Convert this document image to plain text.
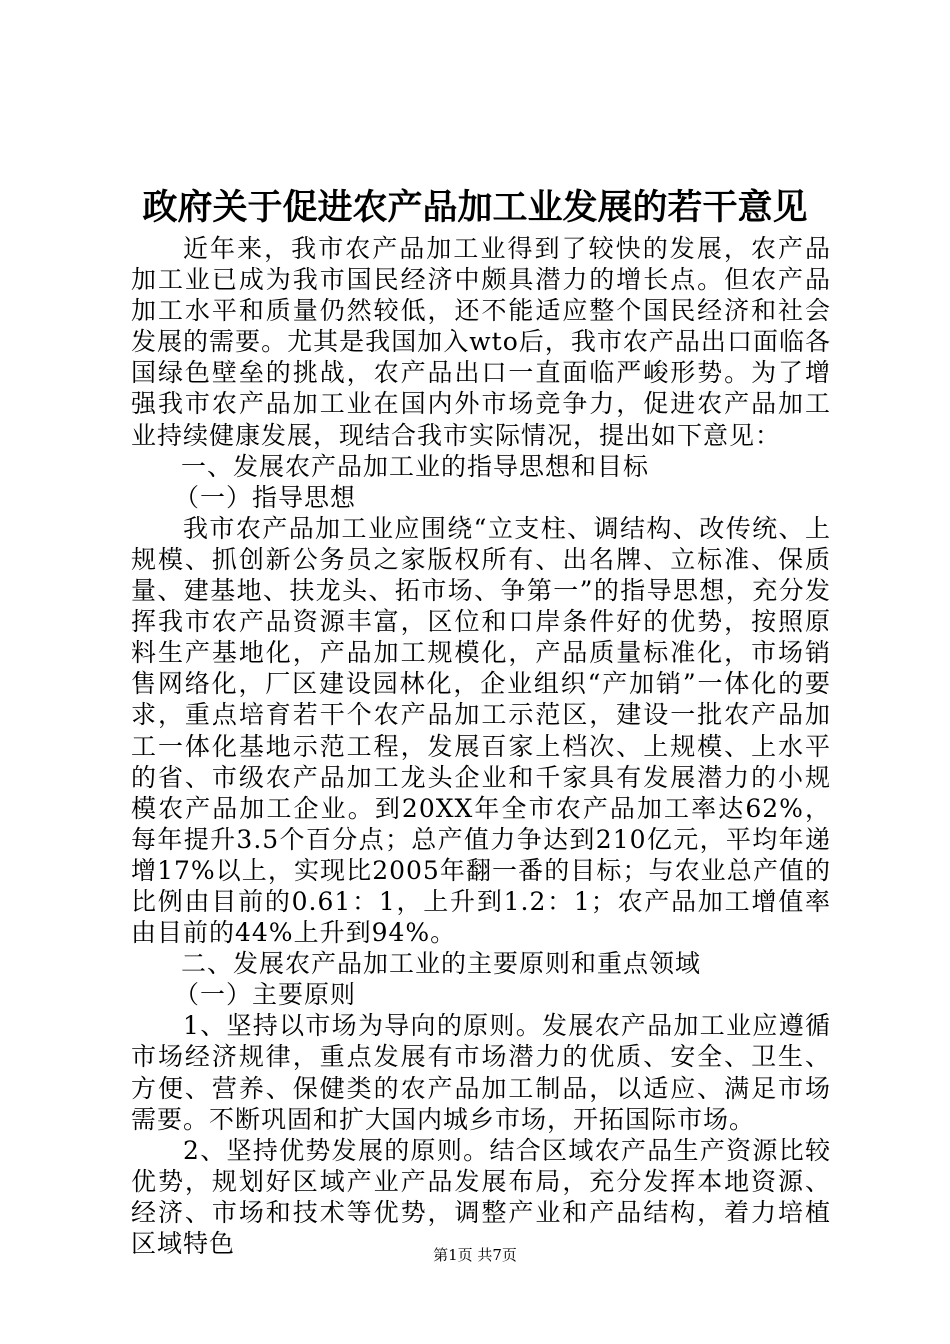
政府关于促进农产品加工业发展的若干意见

近年来，我市农产品加工业得到了较快的发展，农产品加工业已成为我市国民经济中颇具潜力的增长点。但农产品加工水平和质量仍然较低，还不能适应整个国民经济和社会发展的需要。尤其是我国加入wto后，我市农产品出口面临各国绿色壁垒的挑战，农产品出口一直面临严峻形势。为了增强我市农产品加工业在国内外市场竞争力，促进农产品加工业持续健康发展，现结合我市实际情况，提出如下意见：

一、发展农产品加工业的指导思想和目标

（一）指导思想

我市农产品加工业应围绕“立支柱、调结构、改传统、上规模、抓创新公务员之家版权所有、出名牌、立标准、保质量、建基地、扶龙头、拓市场、争第一”的指导思想，充分发挥我市农产品资源丰富，区位和口岸条件好的优势，按照原料生产基地化，产品加工规模化，产品质量标准化，市场销售网络化，厂区建设园林化，企业组织“产加销”一体化的要求，重点培育若干个农产品加工示范区，建设一批农产品加工一体化基地示范工程，发展百家上档次、上规模、上水平的省、市级农产品加工龙头企业和千家具有发展潜力的小规模农产品加工企业。到20XX年全市农产品加工率达62%，每年提升3.5个百分点；总产值力争达到210亿元，平均年递增17%以上，实现比2005年翻一番的目标；与农业总产值的比例由目前的0.61：1，上升到1.2：1；农产品加工增值率由目前的44%上升到94%。

二、发展农产品加工业的主要原则和重点领域

（一）主要原则

1、坚持以市场为导向的原则。发展农产品加工业应遵循市场经济规律，重点发展有市场潜力的优质、安全、卫生、方便、营养、保健类的农产品加工制品，以适应、满足市场需要。不断巩固和扩大国内城乡市场，开拓国际市场。

2、坚持优势发展的原则。结合区域农产品生产资源比较优势，规划好区域产业产品发展布局，充分发挥本地资源、经济、市场和技术等优势，调整产业和产品结构，着力培植区域特色	第1页 共7页
